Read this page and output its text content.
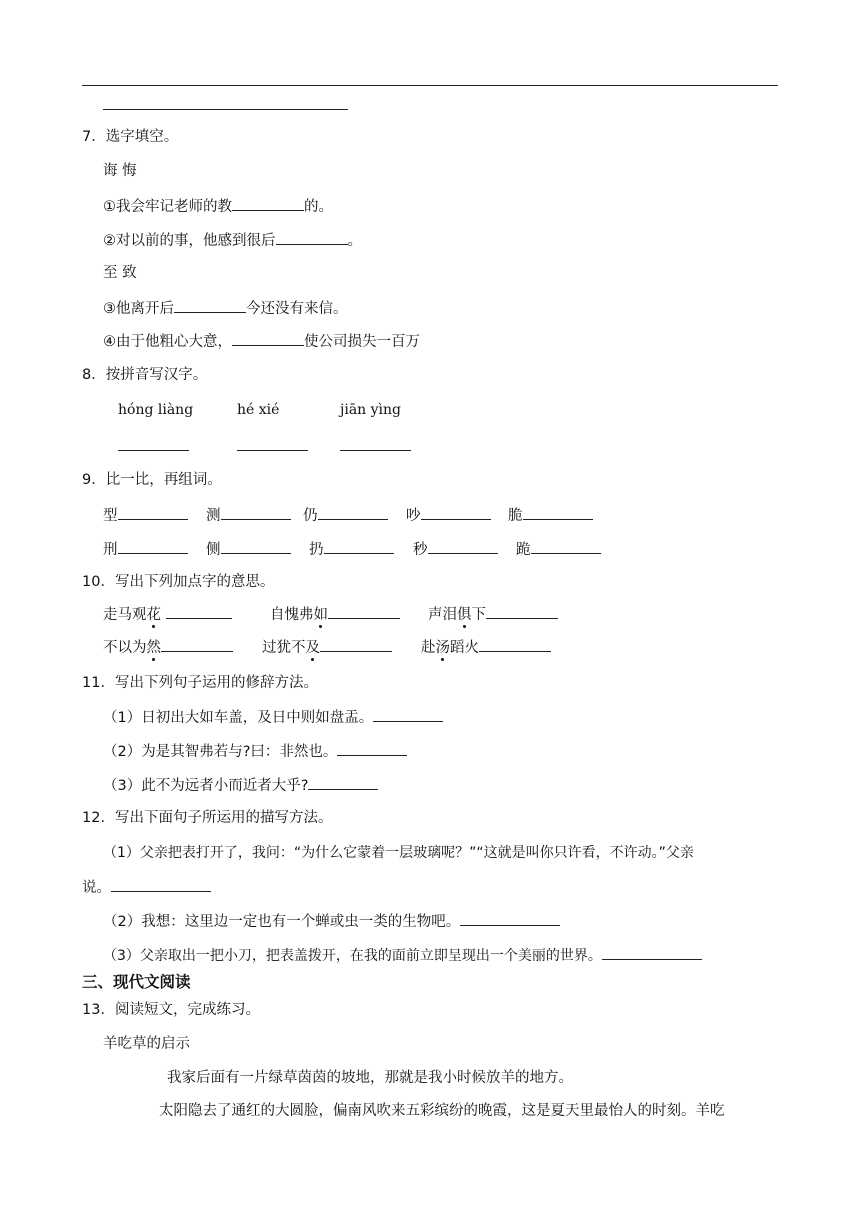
7．选字填空。
诲 悔
①我会牢记老师的教	的。
②对以前的事，他感到很后	。
至 致
③他离开后	今还没有来信。
④由于他粗心大意，	使公司损失一百万
8．按拼音写汉字。
hóng liàng	hé xié	jiān yìng
9．比一比，再组词。
型	测	仍	吵	脆
刑	侧	扔	秒	跪
10．写出下列加点字的意思。
走马观花	自愧弗如	声泪俱下
不以为然	过犹不及	赴汤蹈火
11．写出下列句子运用的修辞方法。
（1）日初出大如车盖，及日中则如盘盂。
（2）为是其智弗若与?曰：非然也。
（3）此不为远者小而近者大乎?
12．写出下面句子所运用的描写方法。
（1）父亲把表打开了，我问：“为什么它蒙着一层玻璃呢？”“这就是叫你只许看，不许动。”父亲
说。
（2）我想：这里边一定也有一个蝉或虫一类的生物吧。
（3）父亲取出一把小刀，把表盖拨开，在我的面前立即呈现出一个美丽的世界。
三、现代文阅读
13．阅读短文，完成练习。
羊吃草的启示
我家后面有一片绿草茵茵的坡地，那就是我小时候放羊的地方。
太阳隐去了通红的大圆脸，偏南风吹来五彩缤纷的晚霞，这是夏天里最怡人的时刻。羊吃
